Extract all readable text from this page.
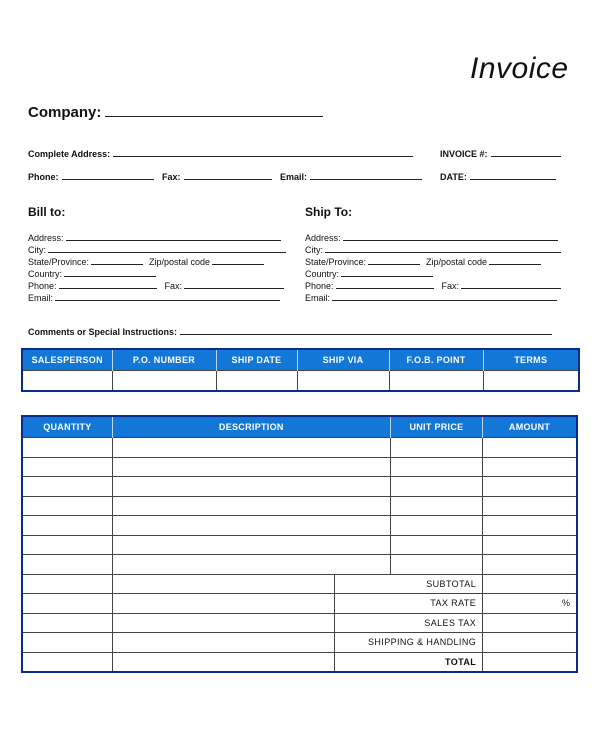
Invoice
Company:
Complete Address:	INVOICE #:
Phone:	Fax:	Email:	DATE:
Bill to:
Address:
City:
State/Province:	Zip/postal code
Country:
Phone:	Fax:
Email:
Ship To:
Address:
City:
State/Province:	Zip/postal code
Country:
Phone:	Fax:
Email:
Comments or Special Instructions:
SALESPERSON	P.O. NUMBER	SHIP DATE	SHIP VIA	F.O.B. POINT	TERMS

QUANTITY	DESCRIPTION		UNIT PRICE	AMOUNT

		SUBTOTAL		
		TAX RATE		%
		SALES TAX		
		SHIPPING & HANDLING		
		TOTAL		
